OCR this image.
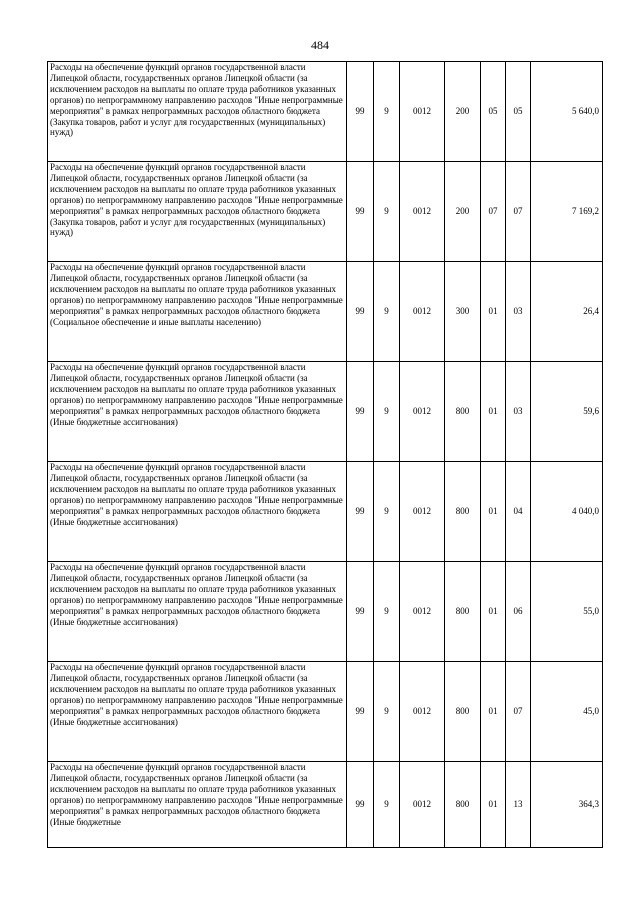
484
Расходы на обеспечение функций органов государственной власти Липецкой области, государственных органов Липецкой области (за исключением расходов на выплаты по оплате труда работников указанных органов) по непрограммному направлению расходов "Иные непрограммные мероприятия" в рамках непрограммных расходов областного бюджета (Закупка товаров, работ и услуг для государственных (муниципальных) нужд)	99	9	0012	200	05	05	5 640,0

Расходы на обеспечение функций органов государственной власти Липецкой области, государственных органов Липецкой области (за исключением расходов на выплаты по оплате труда работников указанных органов) по непрограммному направлению расходов "Иные непрограммные мероприятия" в рамках непрограммных расходов областного бюджета (Закупка товаров, работ и услуг для государственных (муниципальных) нужд)	99	9	0012	200	07	07	7 169,2

Расходы на обеспечение функций органов государственной власти Липецкой области, государственных органов Липецкой области (за исключением расходов на выплаты по оплате труда работников указанных органов) по непрограммному направлению расходов "Иные непрограммные мероприятия" в рамках непрограммных расходов областного бюджета (Социальное обеспечение и иные выплаты населению)	99	9	0012	300	01	03	26,4

Расходы на обеспечение функций органов государственной власти Липецкой области, государственных органов Липецкой области (за исключением расходов на выплаты по оплате труда работников указанных органов) по непрограммному направлению расходов "Иные непрограммные мероприятия" в рамках непрограммных расходов областного бюджета (Иные бюджетные ассигнования)	99	9	0012	800	01	03	59,6

Расходы на обеспечение функций органов государственной власти Липецкой области, государственных органов Липецкой области (за исключением расходов на выплаты по оплате труда работников указанных органов) по непрограммному направлению расходов "Иные непрограммные мероприятия" в рамках непрограммных расходов областного бюджета (Иные бюджетные ассигнования)	99	9	0012	800	01	04	4 040,0

Расходы на обеспечение функций органов государственной власти Липецкой области, государственных органов Липецкой области (за исключением расходов на выплаты по оплате труда работников указанных органов) по непрограммному направлению расходов "Иные непрограммные мероприятия" в рамках непрограммных расходов областного бюджета (Иные бюджетные ассигнования)	99	9	0012	800	01	06	55,0

Расходы на обеспечение функций органов государственной власти Липецкой области, государственных органов Липецкой области (за исключением расходов на выплаты по оплате труда работников указанных органов) по непрограммному направлению расходов "Иные непрограммные мероприятия" в рамках непрограммных расходов областного бюджета (Иные бюджетные ассигнования)	99	9	0012	800	01	07	45,0

Расходы на обеспечение функций органов государственной власти Липецкой области, государственных органов Липецкой области (за исключением расходов на выплаты по оплате труда работников указанных органов) по непрограммному направлению расходов "Иные непрограммные мероприятия" в рамках непрограммных расходов областного бюджета (Иные бюджетные	99	9	0012	800	01	13	364,3
